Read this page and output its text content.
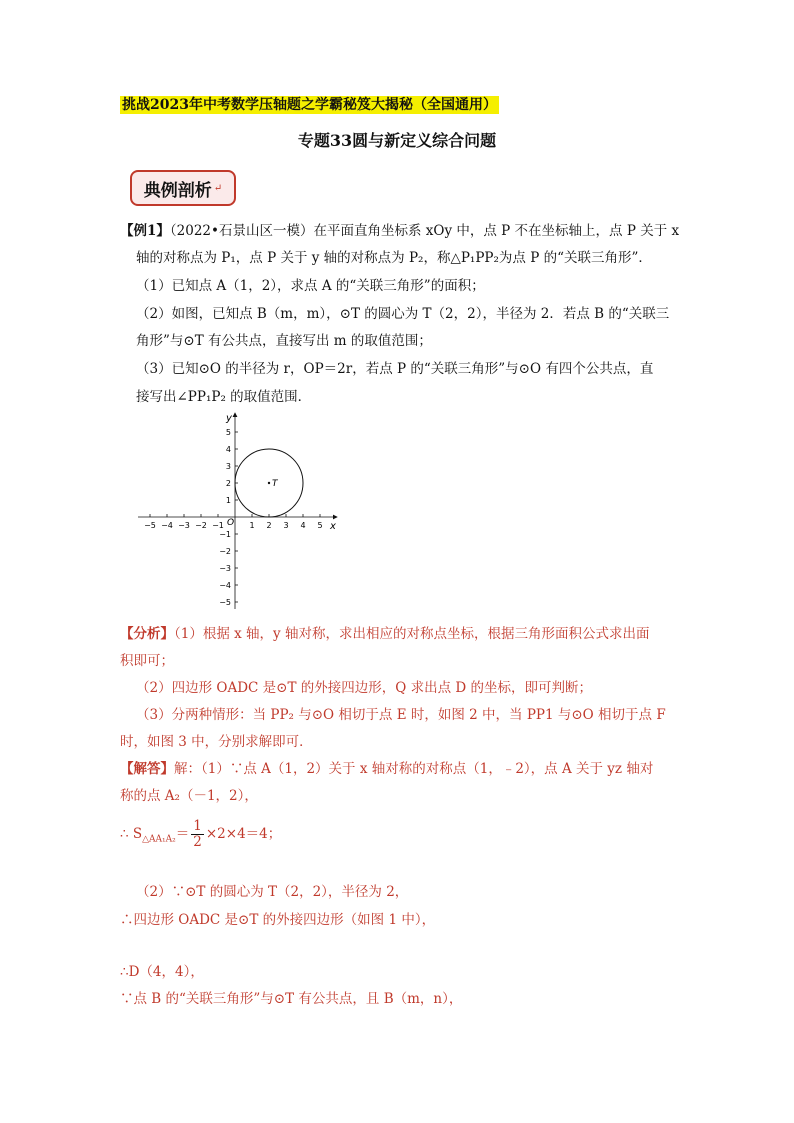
挑战2023年中考数学压轴题之学霸秘笈大揭秘（全国通用）
专题33圆与新定义综合问题
典例剖析 ↵
【例1】（2022•石景山区一模）在平面直角坐标系 xOy 中，点 P 不在坐标轴上，点 P 关于 x
轴的对称点为 P₁，点 P 关于 y 轴的对称点为 P₂，称△P₁PP₂为点 P 的“关联三角形”．
（1）已知点 A（1，2），求点 A 的“关联三角形”的面积；
（2）如图，已知点 B（m，m），⊙T 的圆心为 T（2，2），半径为 2．若点 B 的“关联三
角形”与⊙T 有公共点，直接写出 m 的取值范围；
（3）已知⊙O 的半径为 r，OP＝2r，若点 P 的“关联三角形”与⊙O 有四个公共点，直
接写出∠PP₁P₂ 的取值范围．
−5 −4 −3 −2 −1	1 2 3 4 5
5
4
3
2
1
−1
−2
−3
−4
−5
T
x
y
O
【分析】（1）根据 x 轴，y 轴对称，求出相应的对称点坐标，根据三角形面积公式求出面
积即可；
（2）四边形 OADC 是⊙T 的外接四边形，Q 求出点 D 的坐标，即可判断；
（3）分两种情形：当 PP₂ 与⊙O 相切于点 E 时，如图 2 中，当 PP1 与⊙O 相切于点 F
时，如图 3 中，分别求解即可．
【解答】解：（1）∵点 A（1，2）关于 x 轴对称的对称点（1，﹣2），点 A 关于 yz 轴对
称的点 A₂（－1，2），
∴ $S_{\triangle AA_1A_2}= \frac{1}{2} \times 2\times 4=4$；
（2）∵⊙T 的圆心为 T（2，2），半径为 2，
∴四边形 OADC 是⊙T 的外接四边形（如图 1 中），
∴D（4，4），
∵点 B 的“关联三角形”与⊙T 有公共点，且 B（m，n），
